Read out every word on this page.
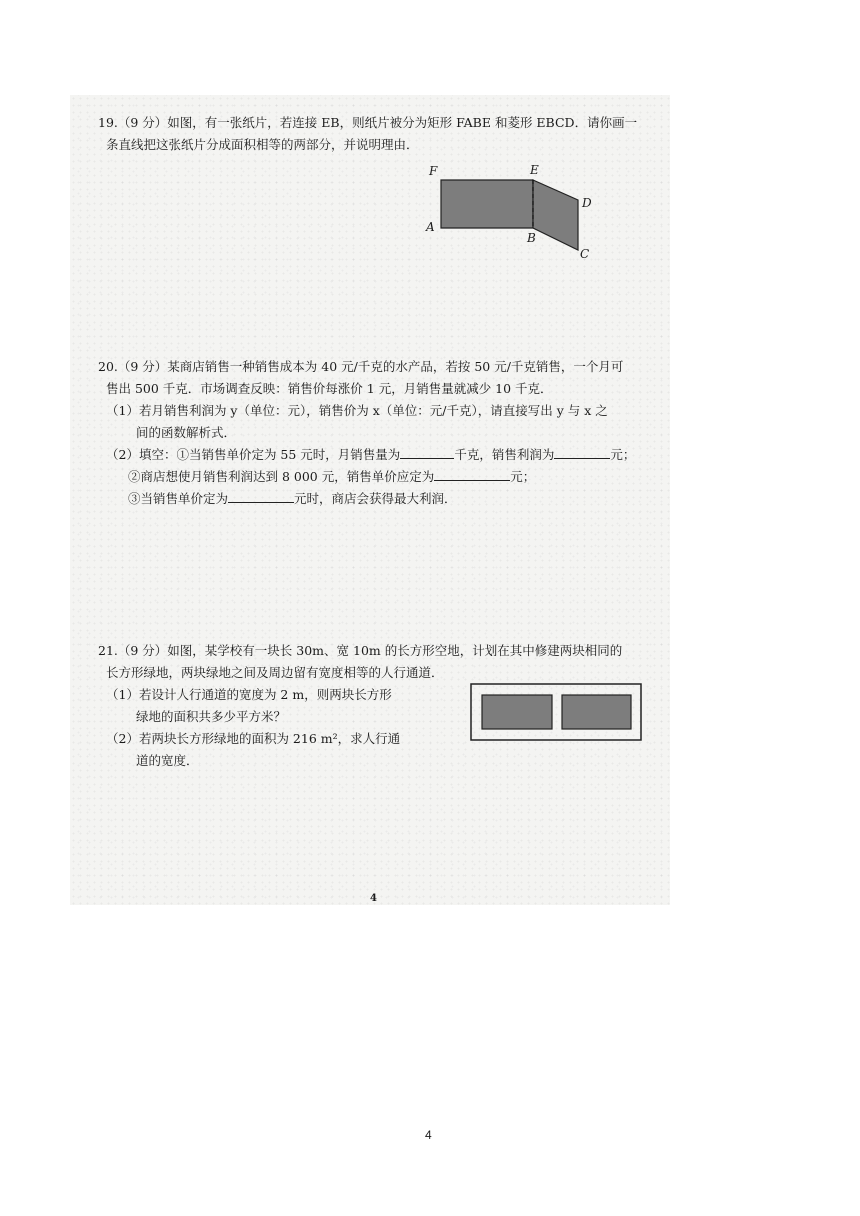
19.（9 分）如图，有一张纸片，若连接 EB，则纸片被分为矩形 FABE 和菱形 EBCD．请你画一
条直线把这张纸片分成面积相等的两部分，并说明理由．
F	E
D
A
B
C
20.（9 分）某商店销售一种销售成本为 40 元/千克的水产品，若按 50 元/千克销售，一个月可
售出 500 千克．市场调查反映：销售价每涨价 1 元，月销售量就减少 10 千克．
（1）若月销售利润为 y（单位：元），销售价为 x（单位：元/千克），请直接写出 y 与 x 之
间的函数解析式．
（2）填空：①当销售单价定为 55 元时，月销售量为	千克，销售利润为	元；
②商店想使月销售利润达到 8 000 元，销售单价应定为	元；
③当销售单价定为	元时，商店会获得最大利润．
21.（9 分）如图，某学校有一块长 30m、宽 10m 的长方形空地，计划在其中修建两块相同的
长方形绿地，两块绿地之间及周边留有宽度相等的人行通道．
（1）若设计人行通道的宽度为 2 m，则两块长方形
绿地的面积共多少平方米？
（2）若两块长方形绿地的面积为 216 m²，求人行通
道的宽度．
4
4
